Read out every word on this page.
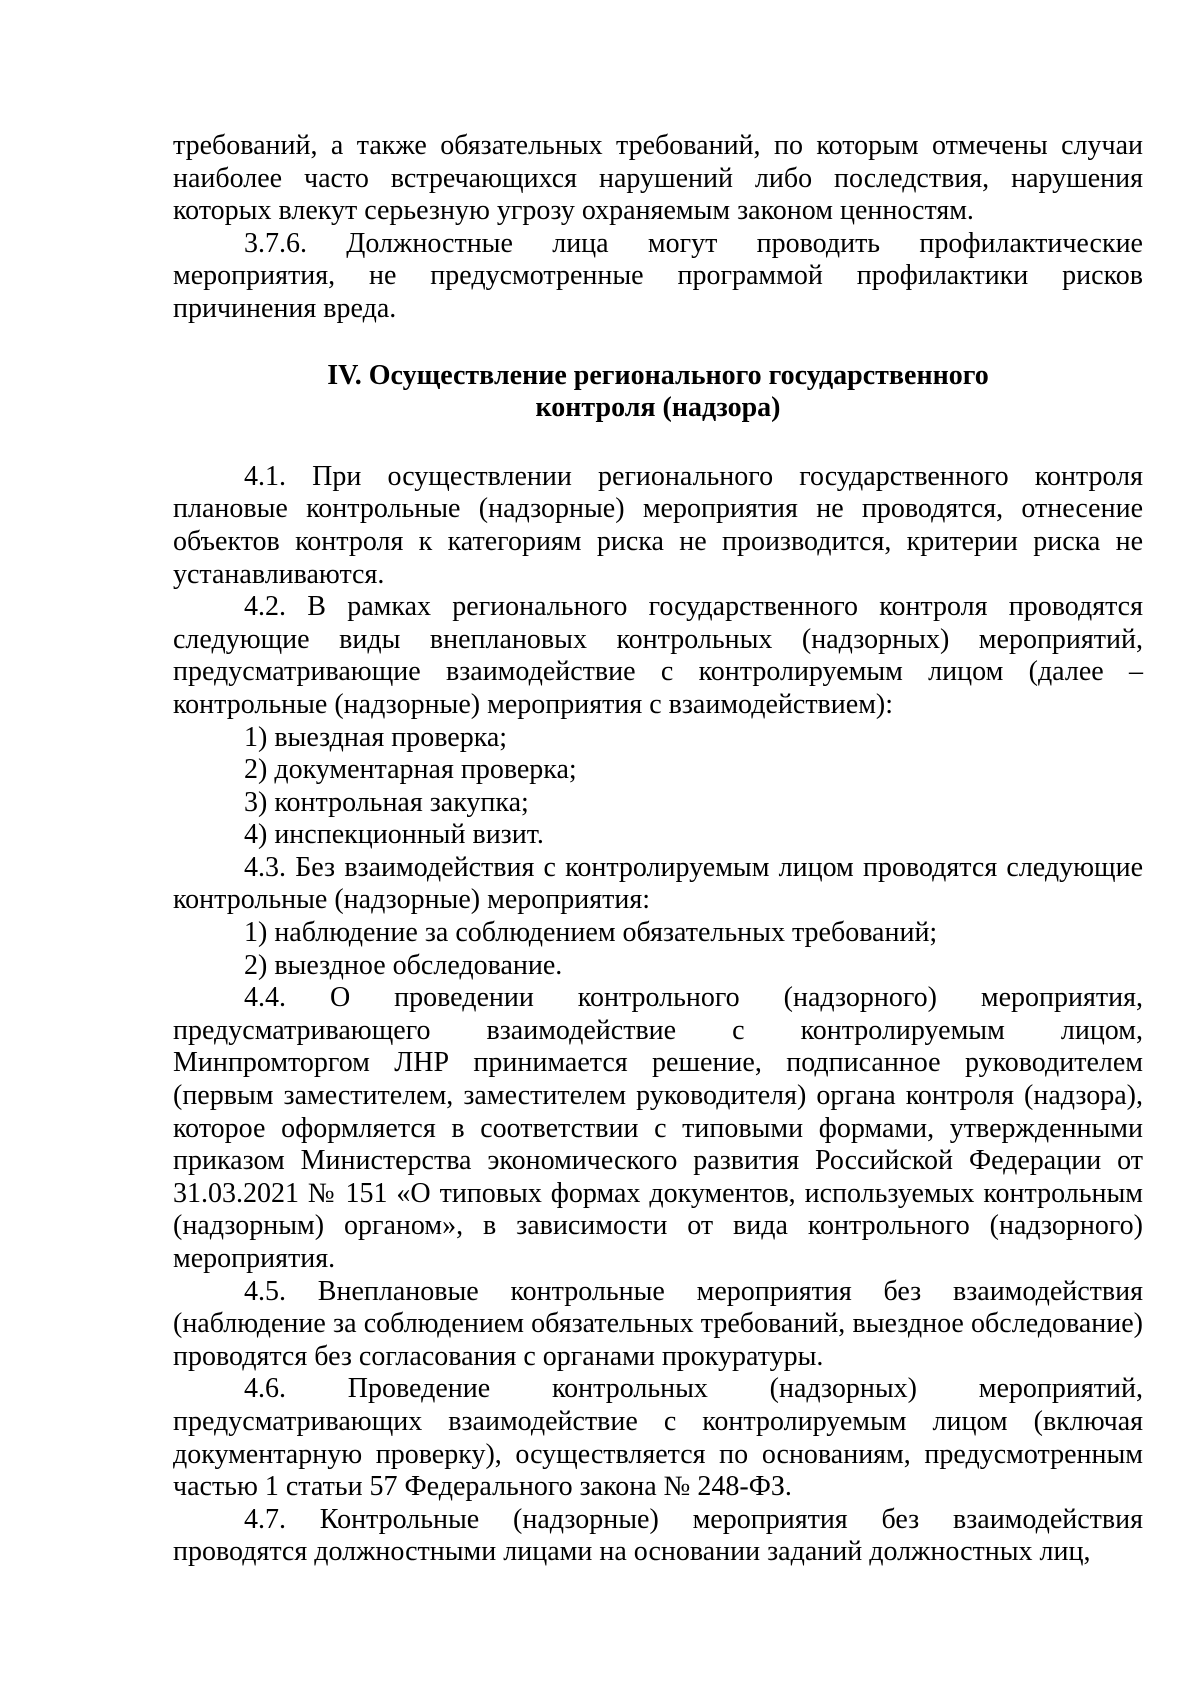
требований, а также обязательных требований, по которым отмечены случаи наиболее часто встречающихся нарушений либо последствия, нарушения которых влекут серьезную угрозу охраняемым законом ценностям.

3.7.6. Должностные лица могут проводить профилактические мероприятия, не предусмотренные программой профилактики рисков причинения вреда.

IV. Осуществление регионального государственного
контроля (надзора)

4.1. При осуществлении регионального государственного контроля плановые контрольные (надзорные) мероприятия не проводятся, отнесение объектов контроля к категориям риска не производится, критерии риска не устанавливаются.

4.2. В рамках регионального государственного контроля проводятся следующие виды внеплановых контрольных (надзорных) мероприятий, предусматривающие взаимодействие с контролируемым лицом (далее – контрольные (надзорные) мероприятия с взаимодействием):

1) выездная проверка;

2) документарная проверка;

3) контрольная закупка;

4) инспекционный визит.

4.3. Без взаимодействия с контролируемым лицом проводятся следующие контрольные (надзорные) мероприятия:

1) наблюдение за соблюдением обязательных требований;

2) выездное обследование.

4.4. О проведении контрольного (надзорного) мероприятия, предусматривающего взаимодействие с контролируемым лицом, Минпромторгом ЛНР принимается решение, подписанное руководителем (первым заместителем, заместителем руководителя) органа контроля (надзора), которое оформляется в соответствии с типовыми формами, утвержденными приказом Министерства экономического развития Российской Федерации от 31.03.2021 № 151 «О типовых формах документов, используемых контрольным (надзорным) органом», в зависимости от вида контрольного (надзорного) мероприятия.

4.5. Внеплановые контрольные мероприятия без взаимодействия (наблюдение за соблюдением обязательных требований, выездное обследование) проводятся без согласования с органами прокуратуры.

4.6. Проведение контрольных (надзорных) мероприятий, предусматривающих взаимодействие с контролируемым лицом (включая документарную проверку), осуществляется по основаниям, предусмотренным частью 1 статьи 57 Федерального закона № 248-ФЗ.

4.7. Контрольные (надзорные) мероприятия без взаимодействия проводятся должностными лицами на основании заданий должностных лиц,
